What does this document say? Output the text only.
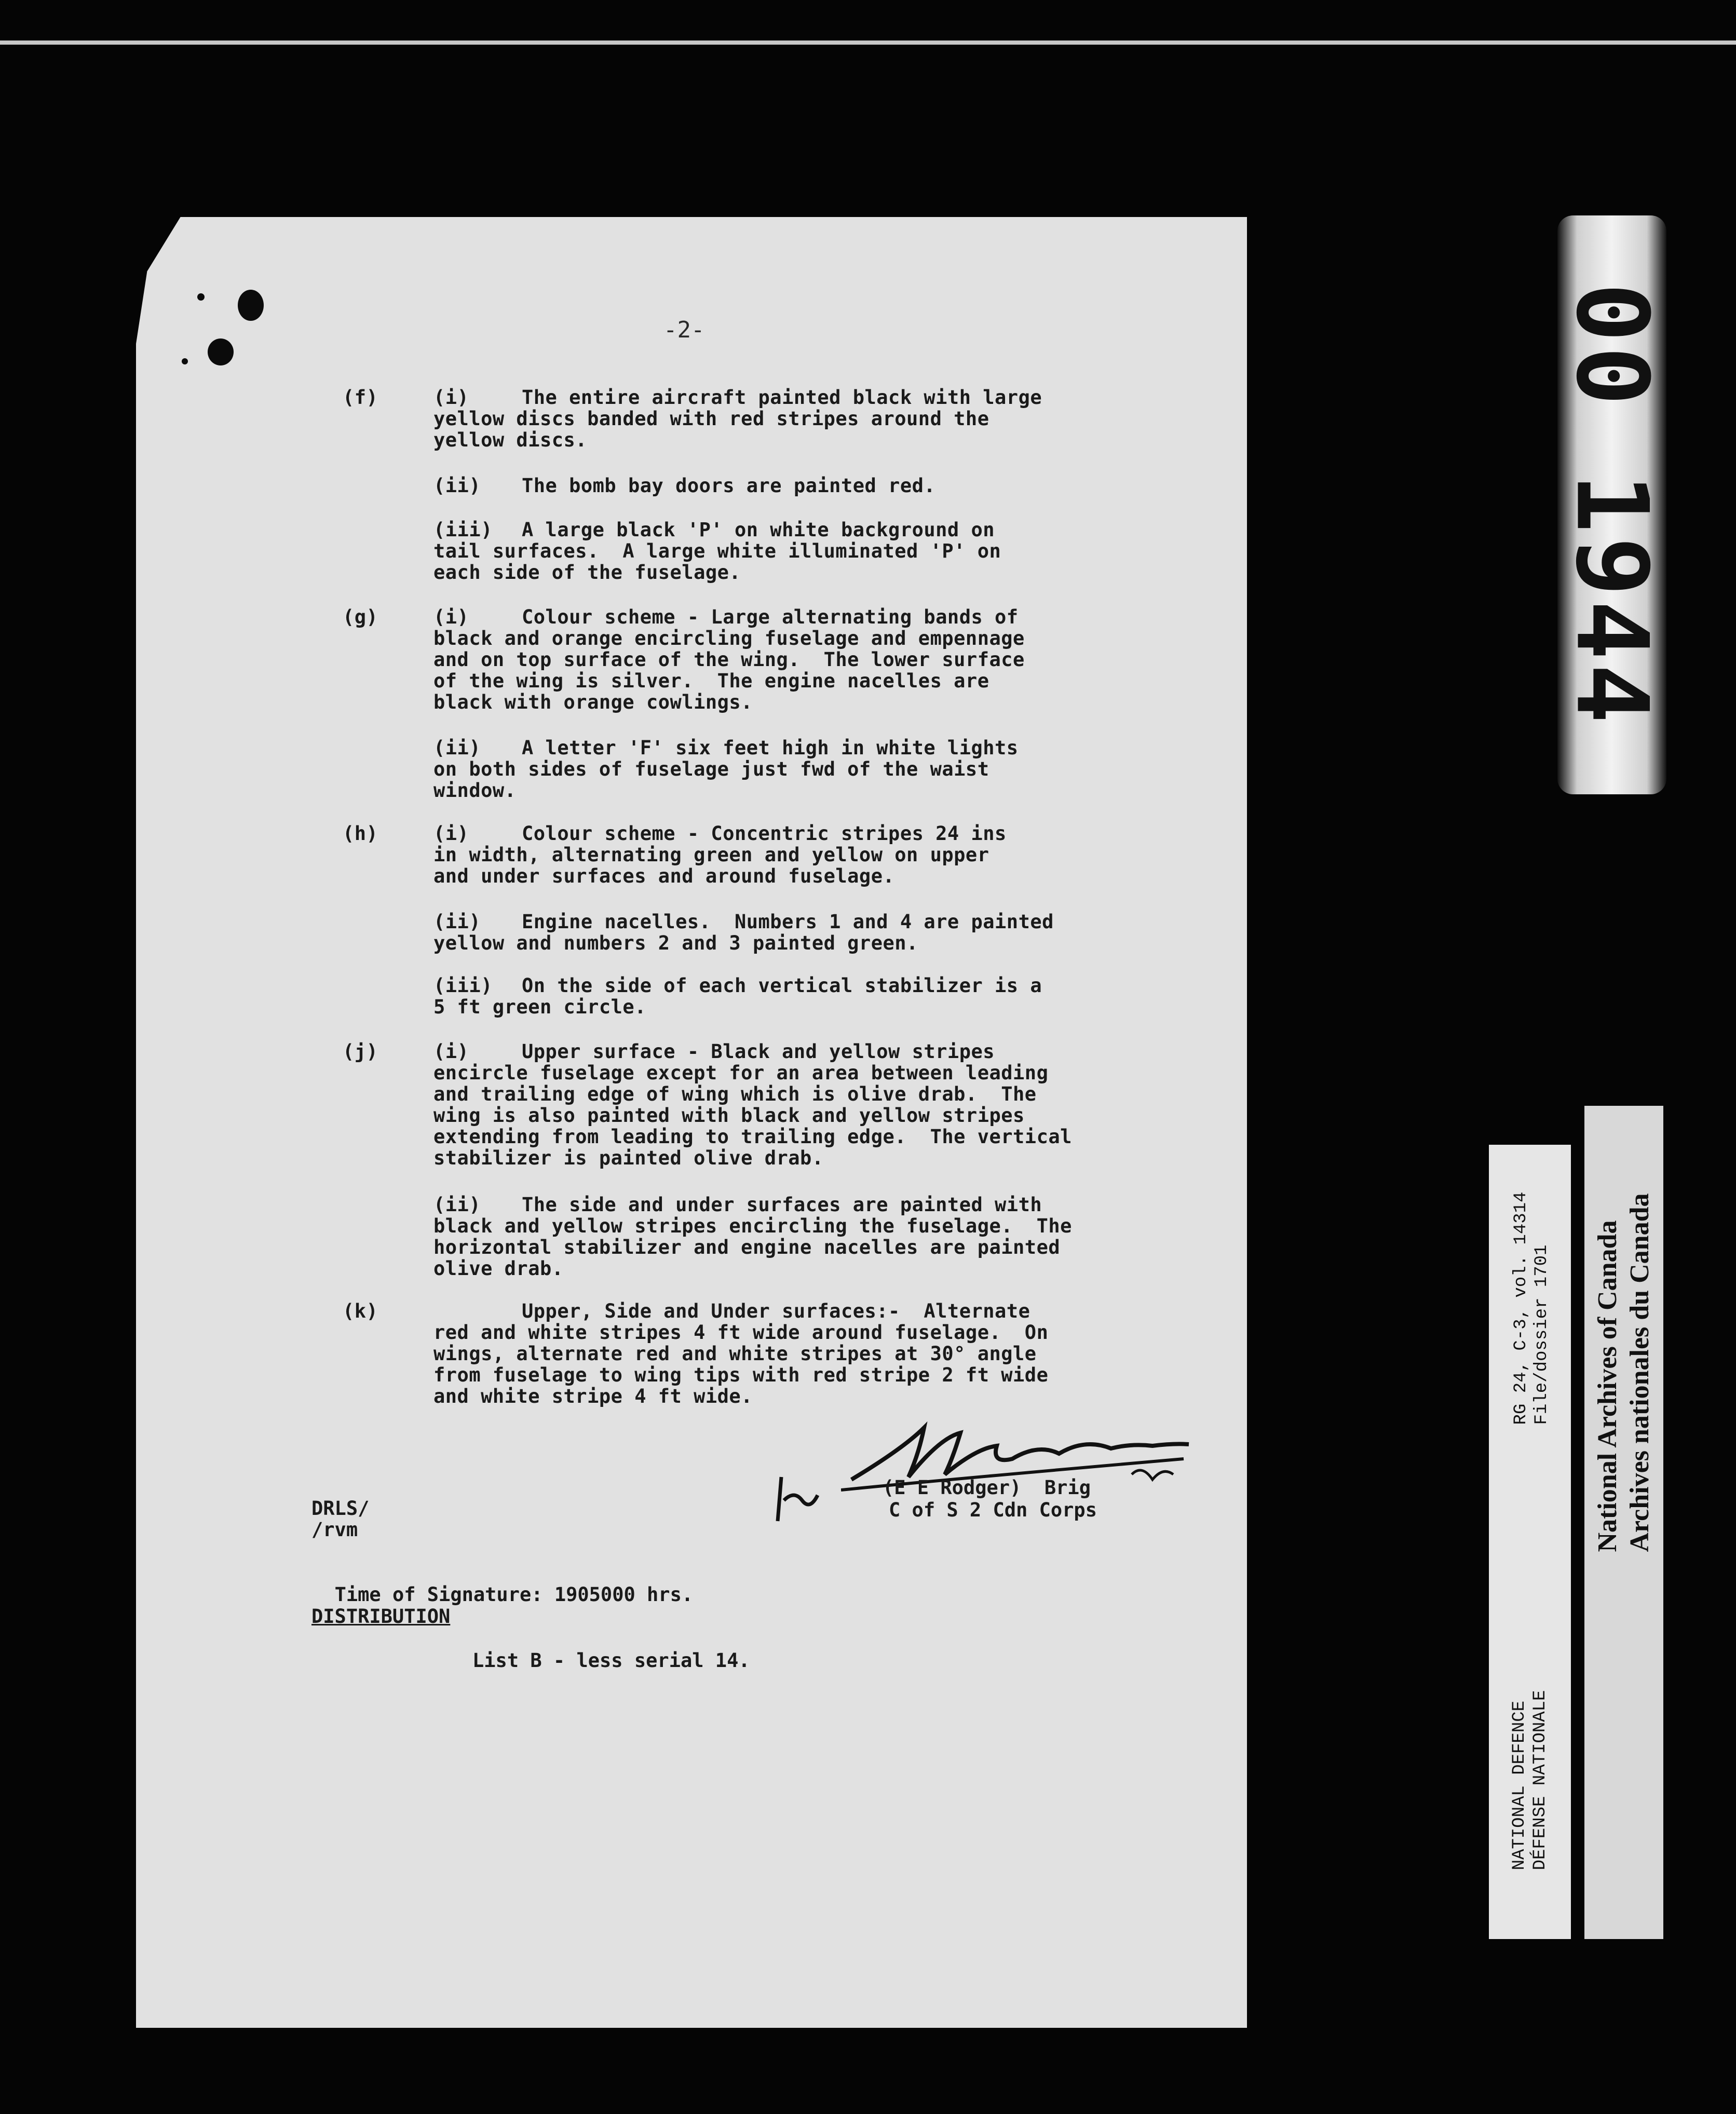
-2-
(f)	(i)	The entire aircraft painted black with large
yellow discs banded with red stripes around the
yellow discs.
(ii) The bomb bay doors are painted red.
(iii) A large black 'P' on white background on
tail surfaces.  A large white illuminated 'P' on
each side of the fuselage.
(g)	(i)	Colour scheme - Large alternating bands of
black and orange encircling fuselage and empennage
and on top surface of the wing.  The lower surface
of the wing is silver.  The engine nacelles are
black with orange cowlings.
(ii) A letter 'F' six feet high in white lights
on both sides of fuselage just fwd of the waist
window.
(h)	(i)	Colour scheme - Concentric stripes 24 ins
in width, alternating green and yellow on upper
and under surfaces and around fuselage.
(ii) Engine nacelles.  Numbers 1 and 4 are painted
yellow and numbers 2 and 3 painted green.
(iii) On the side of each vertical stabilizer is a
5 ft green circle.
(j)	(i)	Upper surface - Black and yellow stripes
encircle fuselage except for an area between leading
and trailing edge of wing which is olive drab.  The
wing is also painted with black and yellow stripes
extending from leading to trailing edge.  The vertical
stabilizer is painted olive drab.
(ii) The side and under surfaces are painted with
black and yellow stripes encircling the fuselage.  The
horizontal stabilizer and engine nacelles are painted
olive drab.
(k)	Upper, Side and Under surfaces:-  Alternate
red and white stripes 4 ft wide around fuselage.  On
wings, alternate red and white stripes at 30° angle
from fuselage to wing tips with red stripe 2 ft wide
and white stripe 4 ft wide.
(E E Rodger)  Brig
C of S 2 Cdn Corps
DRLS/
/rvm

Time of Signature: 1905000 hrs.

DISTRIBUTION
List B - less serial 14.
00 1944
NATIONAL DEFENCE DÉFENSE NATIONALE

RG 24, C-3, vol. 14314 File/dossier 1701 National Archives of Canada Archives nationales du Canada
